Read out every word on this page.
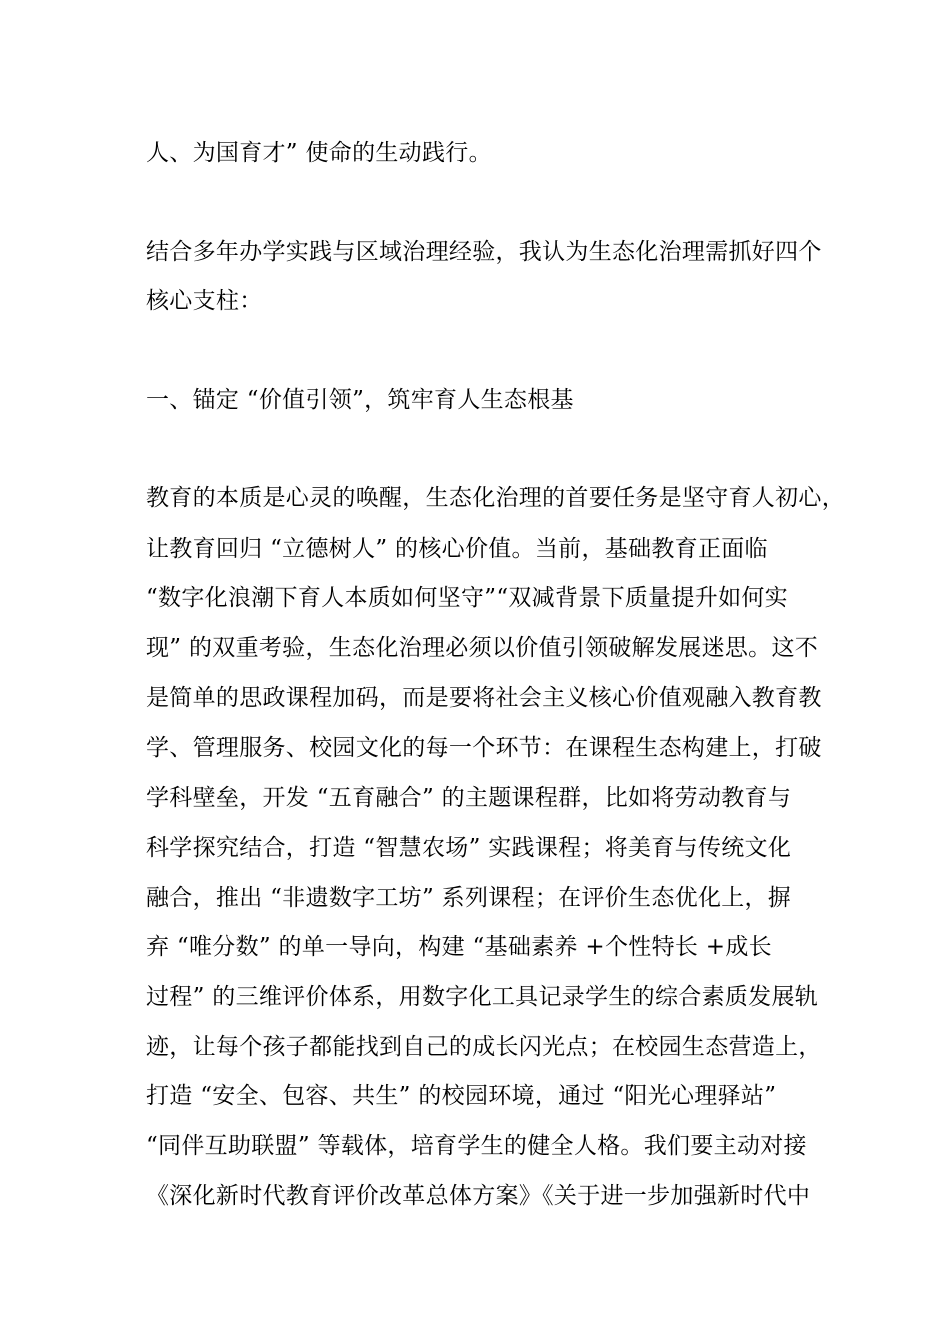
人、为国育才” 使命的生动践行。
结合多年办学实践与区域治理经验，我认为生态化治理需抓好四个
核心支柱：
一、锚定 “价值引领”，筑牢育人生态根基
教育的本质是心灵的唤醒，生态化治理的首要任务是坚守育人初心，
让教育回归 “立德树人” 的核心价值。当前，基础教育正面临
“数字化浪潮下育人本质如何坚守”“双减背景下质量提升如何实
现” 的双重考验，生态化治理必须以价值引领破解发展迷思。这不
是简单的思政课程加码，而是要将社会主义核心价值观融入教育教
学、管理服务、校园文化的每一个环节：在课程生态构建上，打破
学科壁垒，开发 “五育融合” 的主题课程群，比如将劳动教育与
科学探究结合，打造 “智慧农场” 实践课程；将美育与传统文化
融合，推出 “非遗数字工坊” 系列课程；在评价生态优化上，摒
弃 “唯分数” 的单一导向，构建 “基础素养 +个性特长 +成长
过程” 的三维评价体系，用数字化工具记录学生的综合素质发展轨
迹，让每个孩子都能找到自己的成长闪光点；在校园生态营造上，
打造 “安全、包容、共生” 的校园环境，通过 “阳光心理驿站”
“同伴互助联盟” 等载体，培育学生的健全人格。我们要主动对接
《深化新时代教育评价改革总体方案》《关于进一步加强新时代中
